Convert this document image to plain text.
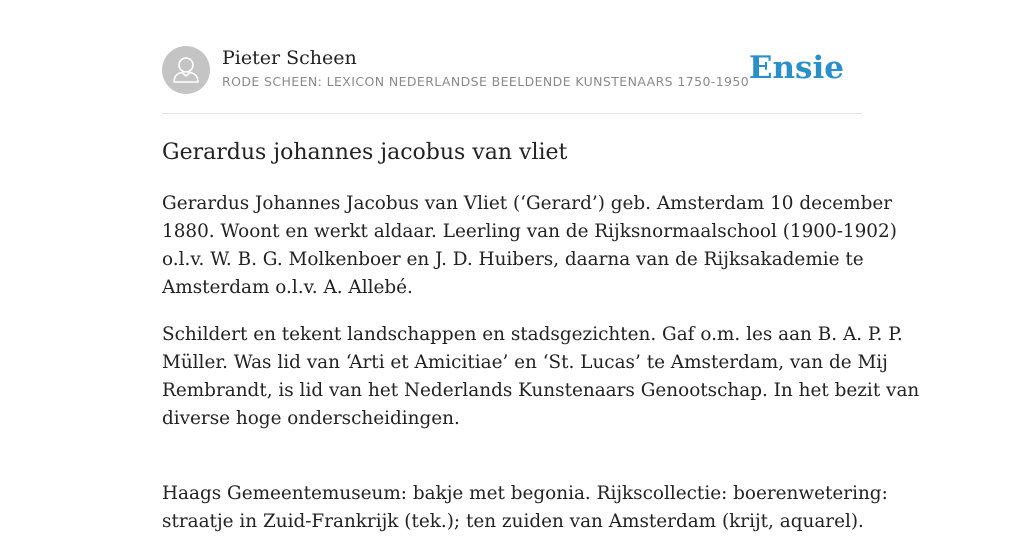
Pieter Scheen
RODE SCHEEN: LEXICON NEDERLANDSE BEELDENDE KUNSTENAARS 1750-1950 Ensie
Gerardus johannes jacobus van vliet

Gerardus Johannes Jacobus van Vliet (‘Gerard’) geb. Amsterdam 10 december
1880. Woont en werkt aldaar. Leerling van de Rijksnormaalschool (1900-1902)
o.l.v. W. B. G. Molkenboer en J. D. Huibers, daarna van de Rijksakademie te
Amsterdam o.l.v. A. Allebé.

Schildert en tekent landschappen en stadsgezichten. Gaf o.m. les aan B. A. P. P.
Müller. Was lid van ‘Arti et Amicitiae’ en ‘St. Lucas’ te Amsterdam, van de Mij
Rembrandt, is lid van het Nederlands Kunstenaars Genootschap. In het bezit van
diverse hoge onderscheidingen.

Haags Gemeentemuseum: bakje met begonia. Rijkscollectie: boerenwetering:
straatje in Zuid-Frankrijk (tek.); ten zuiden van Amsterdam (krijt, aquarel).
